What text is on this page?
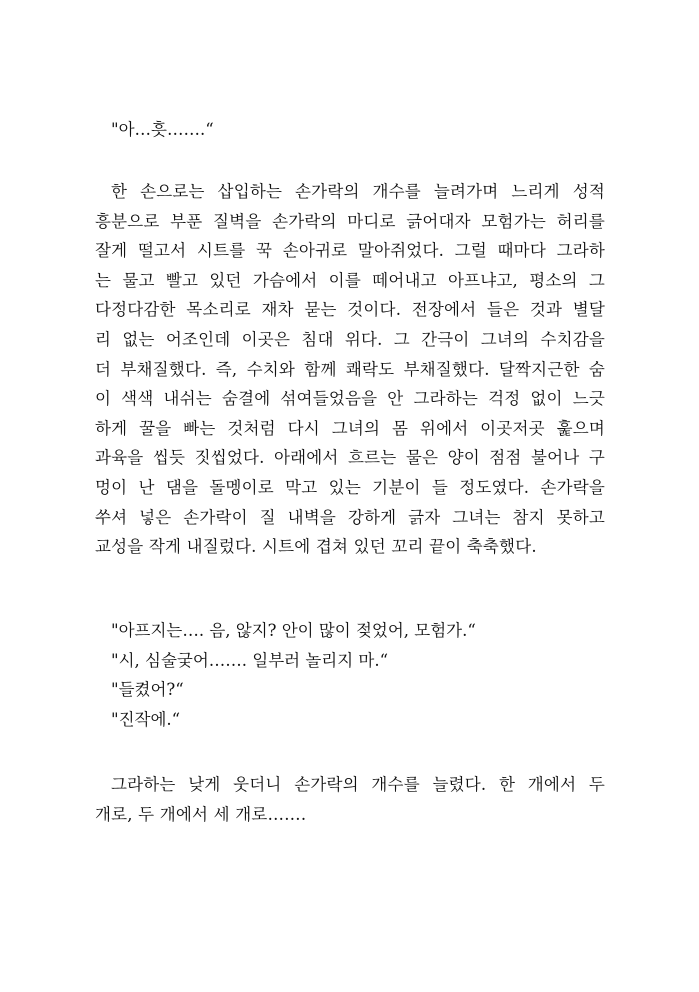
"아…흣…….“
한 손으로는 삽입하는 손가락의 개수를 늘려가며 느리게 성적
흥분으로 부푼 질벽을 손가락의 마디로 긁어대자 모험가는 허리를
잘게 떨고서 시트를 꾹 손아귀로 말아쥐었다. 그럴 때마다 그라하
는 물고 빨고 있던 가슴에서 이를 떼어내고 아프냐고, 평소의 그
다정다감한 목소리로 재차 묻는 것이다. 전장에서 들은 것과 별달
리 없는 어조인데 이곳은 침대 위다. 그 간극이 그녀의 수치감을
더 부채질했다. 즉, 수치와 함께 쾌락도 부채질했다. 달짝지근한 숨
이 색색 내쉬는 숨결에 섞여들었음을 안 그라하는 걱정 없이 느긋
하게 꿀을 빠는 것처럼 다시 그녀의 몸 위에서 이곳저곳 훑으며
과육을 씹듯 짓씹었다. 아래에서 흐르는 물은 양이 점점 불어나 구
멍이 난 댐을 돌멩이로 막고 있는 기분이 들 정도였다. 손가락을
쑤셔 넣은 손가락이 질 내벽을 강하게 긁자 그녀는 참지 못하고
교성을 작게 내질렀다. 시트에 겹쳐 있던 꼬리 끝이 축축했다.
"아프지는…. 음, 않지? 안이 많이 젖었어, 모험가.“
"시, 심술궂어……. 일부러 놀리지 마.“
"들켰어?“
"진작에.“
그라하는 낮게 웃더니 손가락의 개수를 늘렸다. 한 개에서 두
개로, 두 개에서 세 개로…….
